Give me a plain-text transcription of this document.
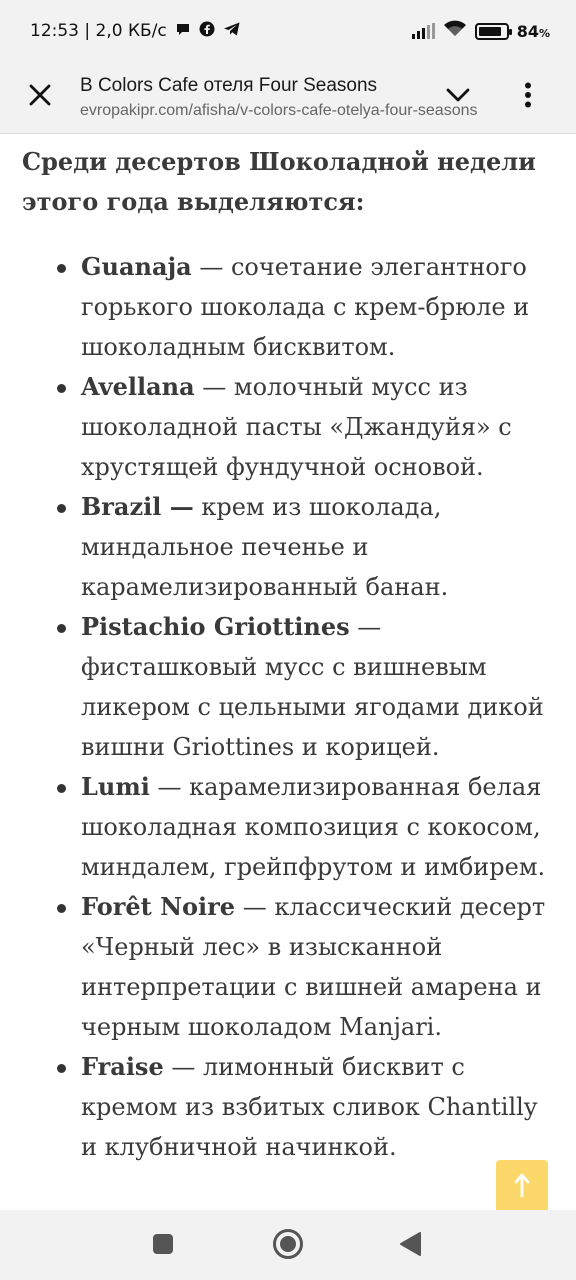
12:53 | 2,0 КБ/с	84%
В Colors Cafe отеля Four Seasons
evropakipr.com/afisha/v-colors-cafe-otelya-four-seasons

Среди десертов Шоколадной недели этого года выделяются:

Guanaja — сочетание элегантного горького шоколада с крем-брюле и шоколадным бисквитом.
Avellana — молочный мусс из шоколадной пасты «Джандуйя» с хрустящей фундучной основой.
Brazil — крем из шоколада, миндальное печенье и карамелизированный банан.
Pistachio Griottines — фисташковый мусс с вишневым ликером с цельными ягодами дикой вишни Griottines и корицей.
Lumi — карамелизированная белая шоколадная композиция с кокосом, миндалем, грейпфрутом и имбирем.
Forêt Noire — классический десерт «Черный лес» в изысканной интерпретации с вишней амарена и черным шоколадом Manjari.
Fraise — лимонный бисквит с кремом из взбитых сливок Chantilly и клубничной начинкой.
